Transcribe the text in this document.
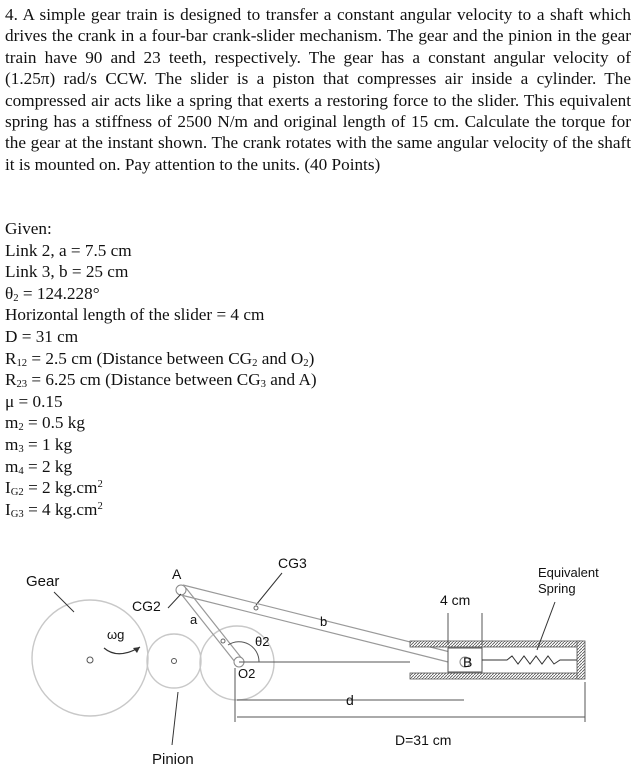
4. A simple gear train is designed to transfer a constant angular velocity to a shaft which drives the crank in a four-bar crank-slider mechanism. The gear and the pinion in the gear train have 90 and 23 teeth, respectively. The gear has a constant angular velocity of (1.25π) rad/s CCW. The slider is a piston that compresses air inside a cylinder. The compressed air acts like a spring that exerts a restoring force to the slider. This equivalent spring has a stiffness of 2500 N/m and original length of 15 cm. Calculate the torque for the gear at the instant shown. The crank rotates with the same angular velocity of the shaft it is mounted on. Pay attention to the units. (40 Points)

Given:
Link 2, a = 7.5 cm
Link 3, b = 25 cm
$\theta_2 = 124.228^\circ$
Horizontal length of the slider = 4 cm
D = 31 cm
$R_{12} = 2.5$ cm (Distance between $CG_2$ and $O_2$)
$R_{23} = 6.25$ cm (Distance between $CG_3$ and A)
μ = 0.15
$m_2 = 0.5$ kg
$m_3 = 1$ kg
$m_4 = 2$ kg
$I_{G2} = 2$ $kg.cm^2$
$I_{G3} = 4$ $kg.cm^2$
Gear
ωg
CG2
A
a
CG3
b
θ2
O2
d
4 cm
B
Equivalent
Spring
D=31 cm
Pinion
